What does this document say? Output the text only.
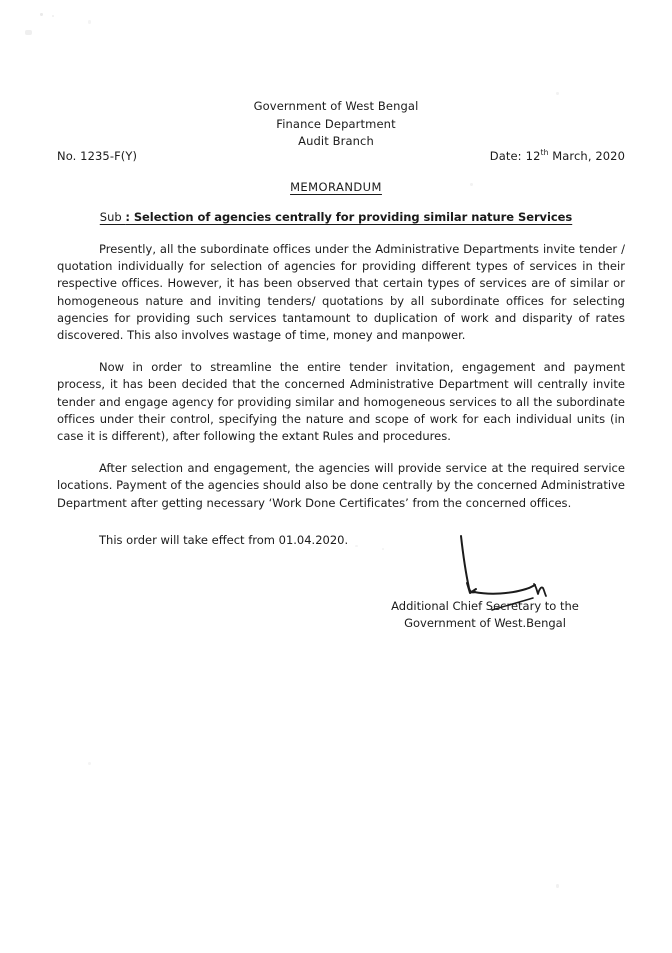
Government of West Bengal
Finance Department
Audit Branch
No. 1235-F(Y)	Date: 12th March, 2020
MEMORANDUM
Sub : Selection of agencies centrally for providing similar nature Services

Presently, all the subordinate offices under the Administrative Departments invite tender / quotation individually for selection of agencies for providing different types of services in their respective offices. However, it has been observed that certain types of services are of similar or homogeneous nature and inviting tenders/ quotations by all subordinate offices for selecting agencies for providing such services tantamount to duplication of work and disparity of rates discovered. This also involves wastage of time, money and manpower.

Now in order to streamline the entire tender invitation, engagement and payment process, it has been decided that the concerned Administrative Department will centrally invite tender and engage agency for providing similar and homogeneous services to all the subordinate offices under their control, specifying the nature and scope of work for each individual units (in case it is different), after following the extant Rules and procedures.

After selection and engagement, the agencies will provide service at the required service locations. Payment of the agencies should also be done centrally by the concerned Administrative Department after getting necessary ‘Work Done Certificates’ from the concerned offices.

This order will take effect from 01.04.2020.

Additional Chief Secretary to the
Government of West.Bengal
